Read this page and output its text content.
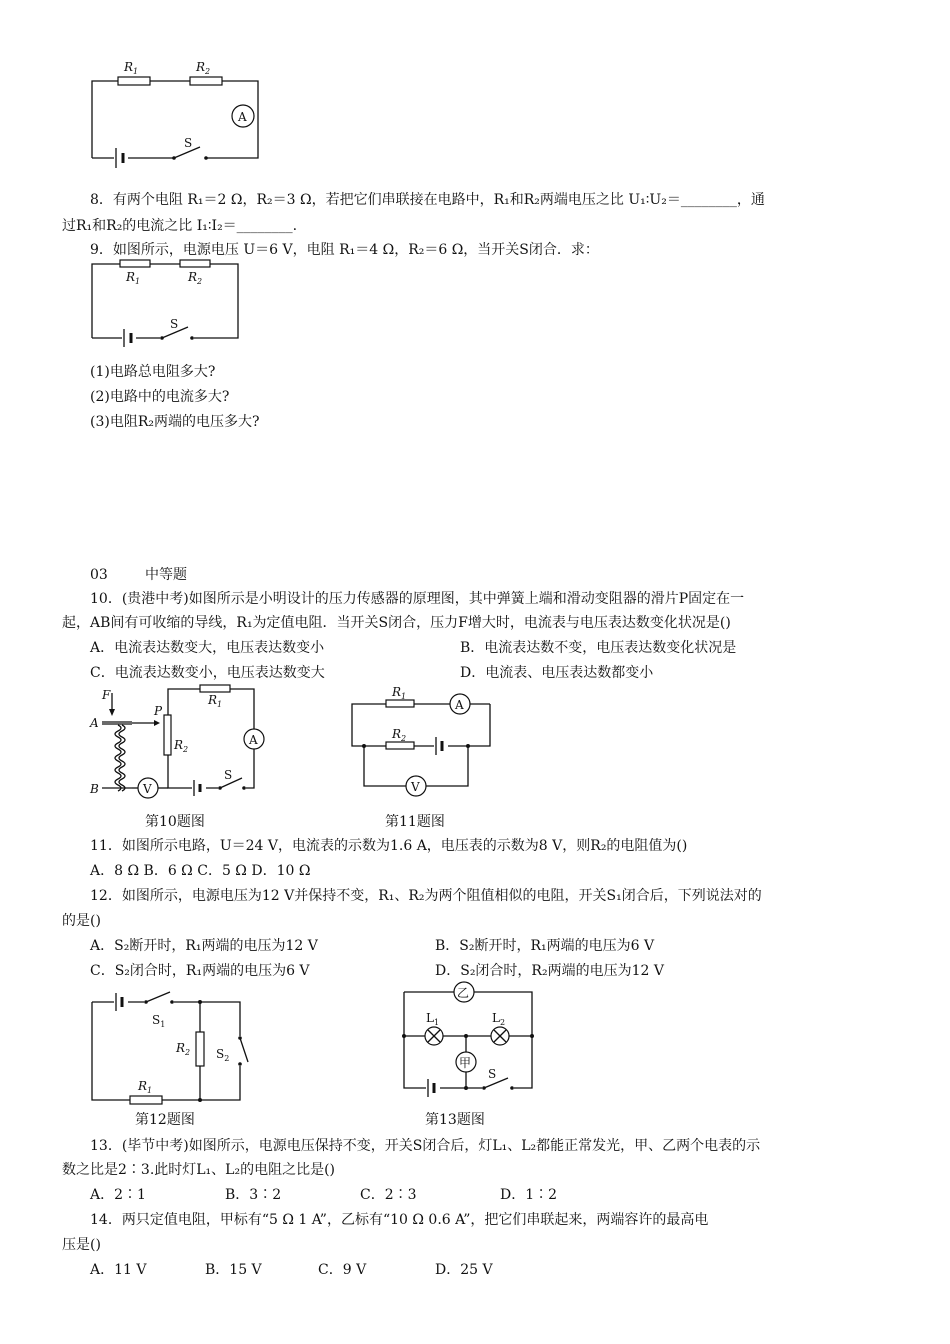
$R_1$	$R_2$
A
S
8．有两个电阻 R₁＝2 Ω，R₂＝3 Ω，若把它们串联接在电路中，R₁和R₂两端电压之比 U₁∶U₂＝________，通
过R₁和R₂的电流之比 I₁∶I₂＝________.
9．如图所示，电源电压 U＝6 V，电阻 R₁＝4 Ω，R₂＝6 Ω，当开关S闭合．求：
$R_1$	$R_2$
S
(1)电路总电阻多大?
(2)电路中的电流多大?
(3)电阻R₂两端的电压多大?
03	中等题
10．(贵港中考)如图所示是小明设计的压力传感器的原理图，其中弹簧上端和滑动变阻器的滑片P固定在一
起，AB间有可收缩的导线，R₁为定值电阻．当开关S闭合，压力F增大时，电流表与电压表达数变化状况是()
A．电流表达数变大，电压表达数变小	B．电流表达数不变，电压表达数变化状况是
C．电流表达数变小，电压表达数变大	D．电流表、电压表达数都变小
F
A
B
P
$R_2$
$R_1$
A
V
S
$R_1$
A
$R_2$
V
第10题图	第11题图
11．如图所示电路，U＝24 V，电流表的示数为1.6 A，电压表的示数为8 V，则R₂的电阻值为()
A．8 Ω B．6 Ω C．5 Ω D．10 Ω
12．如图所示，电源电压为12 V并保持不变，R₁、R₂为两个阻值相似的电阻，开关S₁闭合后，下列说法对的
的是()
A．S₂断开时，R₁两端的电压为12 V	B．S₂断开时，R₁两端的电压为6 V
C．S₂闭合时，R₁两端的电压为6 V	D．S₂闭合时，R₂两端的电压为12 V
$S_1$
$R_2$ $S_2$
$R_1$
乙
$L_1$	$L_2$
甲
S
第12题图	第13题图
13．(毕节中考)如图所示，电源电压保持不变，开关S闭合后，灯L₁、L₂都能正常发光，甲、乙两个电表的示
数之比是2∶3.此时灯L₁、L₂的电阻之比是()
A．2∶1	B．3∶2	C．2∶3	D．1∶2
14．两只定值电阻，甲标有“5 Ω 1 A”，乙标有“10 Ω 0.6 A”，把它们串联起来，两端容许的最高电
压是()
A．11 V	B．15 V	C．9 V	D．25 V
